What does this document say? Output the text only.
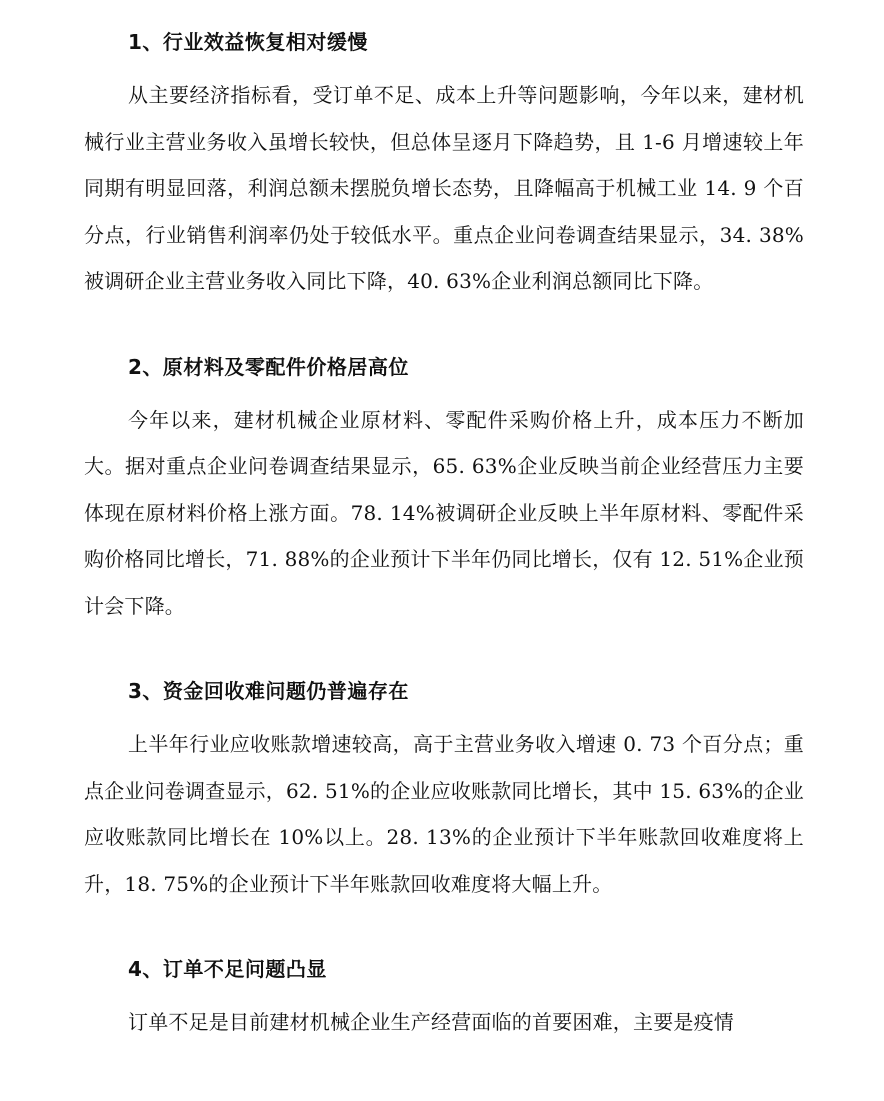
1、行业效益恢复相对缓慢

从主要经济指标看，受订单不足、成本上升等问题影响，今年以来，建材机械行业主营业务收入虽增长较快，但总体呈逐月下降趋势，且 1-6 月增速较上年同期有明显回落，利润总额未摆脱负增长态势，且降幅高于机械工业 14. 9 个百分点，行业销售利润率仍处于较低水平。重点企业问卷调查结果显示，34. 38%被调研企业主营业务收入同比下降，40. 63%企业利润总额同比下降。

2、原材料及零配件价格居高位

今年以来，建材机械企业原材料、零配件采购价格上升，成本压力不断加大。据对重点企业问卷调查结果显示，65. 63%企业反映当前企业经营压力主要体现在原材料价格上涨方面。78. 14%被调研企业反映上半年原材料、零配件采购价格同比增长，71. 88%的企业预计下半年仍同比增长，仅有 12. 51%企业预计会下降。

3、资金回收难问题仍普遍存在

上半年行业应收账款增速较高，高于主营业务收入增速 0. 73 个百分点；重点企业问卷调查显示，62. 51%的企业应收账款同比增长，其中 15. 63%的企业应收账款同比增长在 10%以上。28. 13%的企业预计下半年账款回收难度将上升，18. 75%的企业预计下半年账款回收难度将大幅上升。

4、订单不足问题凸显

订单不足是目前建材机械企业生产经营面临的首要困难，主要是疫情
